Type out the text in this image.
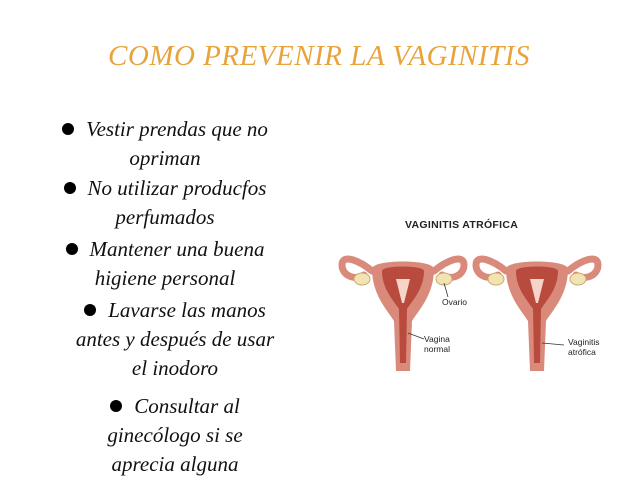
COMO PREVENIR LA VAGINITIS
Vestir prendas que no
opriman
No utilizar producfos
perfumados
Mantener una buena
higiene personal
Lavarse las manos
antes y después de usar
el inodoro
Consultar al
ginecólogo si se
aprecia alguna
VAGINITIS ATRÓFICA
Ovario
Vagina
normal
Vaginitis
atrófica
